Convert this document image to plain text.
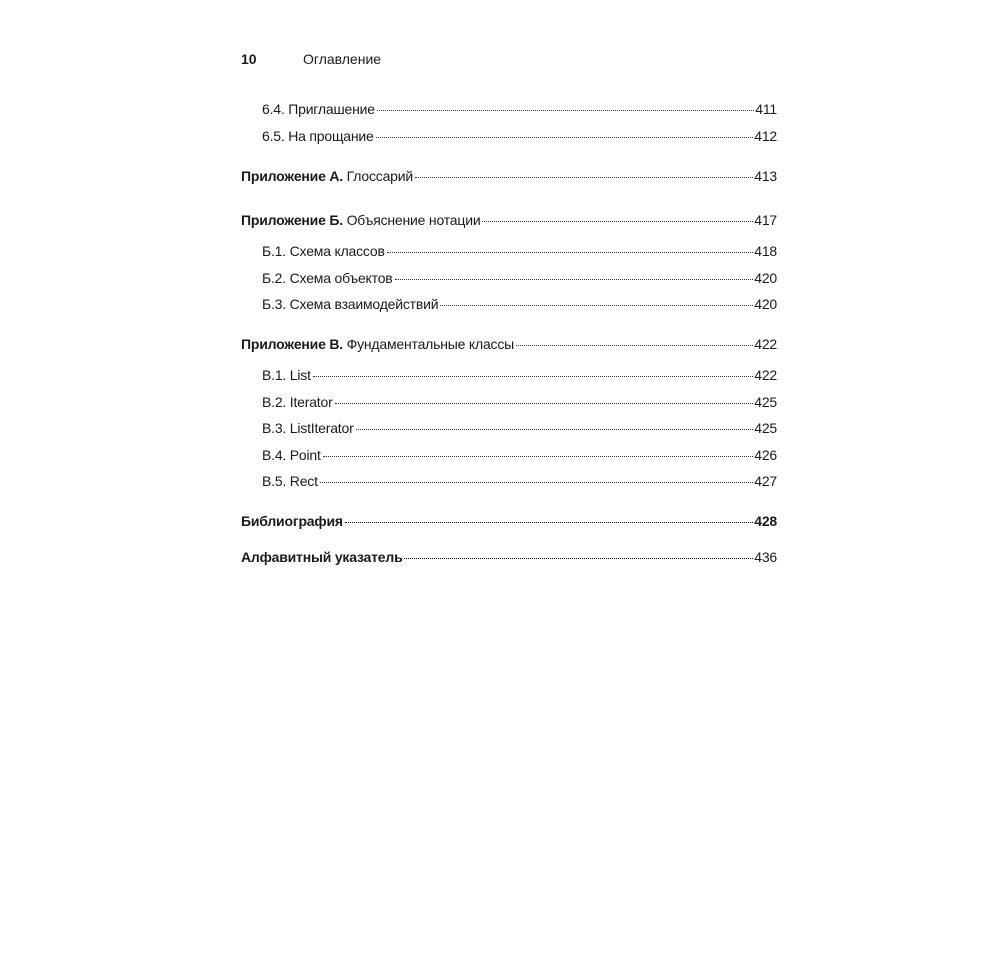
10	Оглавление
6.4. Приглашение	411
6.5. На прощание	412
Приложение А. Глоссарий	413
Приложение Б. Объяснение нотации	417
Б.1. Схема классов	418
Б.2. Схема объектов	420
Б.3. Схема взаимодействий	420
Приложение В. Фундаментальные классы	422
В.1. List	422
В.2. Iterator	425
В.3. ListIterator	425
В.4. Point	426
В.5. Rect	427
Библиография	428
Алфавитный указатель	436
